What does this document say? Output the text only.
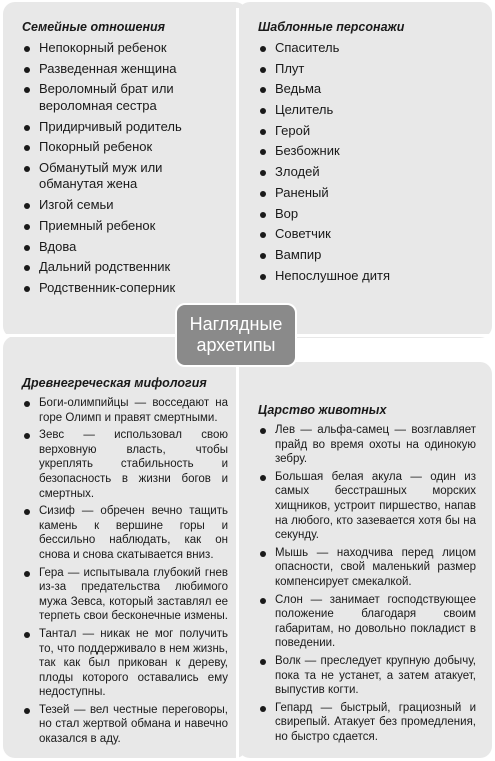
Семейные отношения
Непокорный ребенок
Разведенная женщина
Вероломный брат или вероломная сестра
Придирчивый родитель
Покорный ребенок
Обманутый муж или обманутая жена
Изгой семьи
Приемный ребенок
Вдова
Дальний родственник
Родственник-соперник
Шаблонные персонажи
Спаситель
Плут
Ведьма
Целитель
Герой
Безбожник
Злодей
Раненый
Вор
Советчик
Вампир
Непослушное дитя
Древнегреческая мифология
Боги-олимпийцы — восседают на горе Олимп и правят смертными.
Зевс — использовал свою верховную власть, чтобы укреплять стабильность и безопасность в жизни богов и смертных.
Сизиф — обречен вечно тащить камень к вершине горы и бессильно наблюдать, как он снова и снова скатывается вниз.
Гера — испытывала глубокий гнев из-за предательства любимого мужа Зевса, который заставлял ее терпеть свои бесконечные измены.
Тантал — никак не мог получить то, что поддерживало в нем жизнь, так как был прикован к дереву, плоды которого оставались ему недоступны.
Тезей — вел честные переговоры, но стал жертвой обмана и навечно оказался в аду.
Царство животных
Лев — альфа-самец — возглавляет прайд во время охоты на одинокую зебру.
Большая белая акула — один из самых бесстрашных морских хищников, устроит пиршество, напав на любого, кто зазевается хотя бы на секунду.
Мышь — находчива перед лицом опасности, свой маленький размер компенсирует смекалкой.
Слон — занимает господствующее положение благодаря своим габаритам, но довольно покладист в поведении.
Волк — преследует крупную добычу, пока та не устанет, а затем атакует, выпустив когти.
Гепард — быстрый, грациозный и свирепый. Атакует без промедления, но быстро сдается.
Наглядные архетипы
